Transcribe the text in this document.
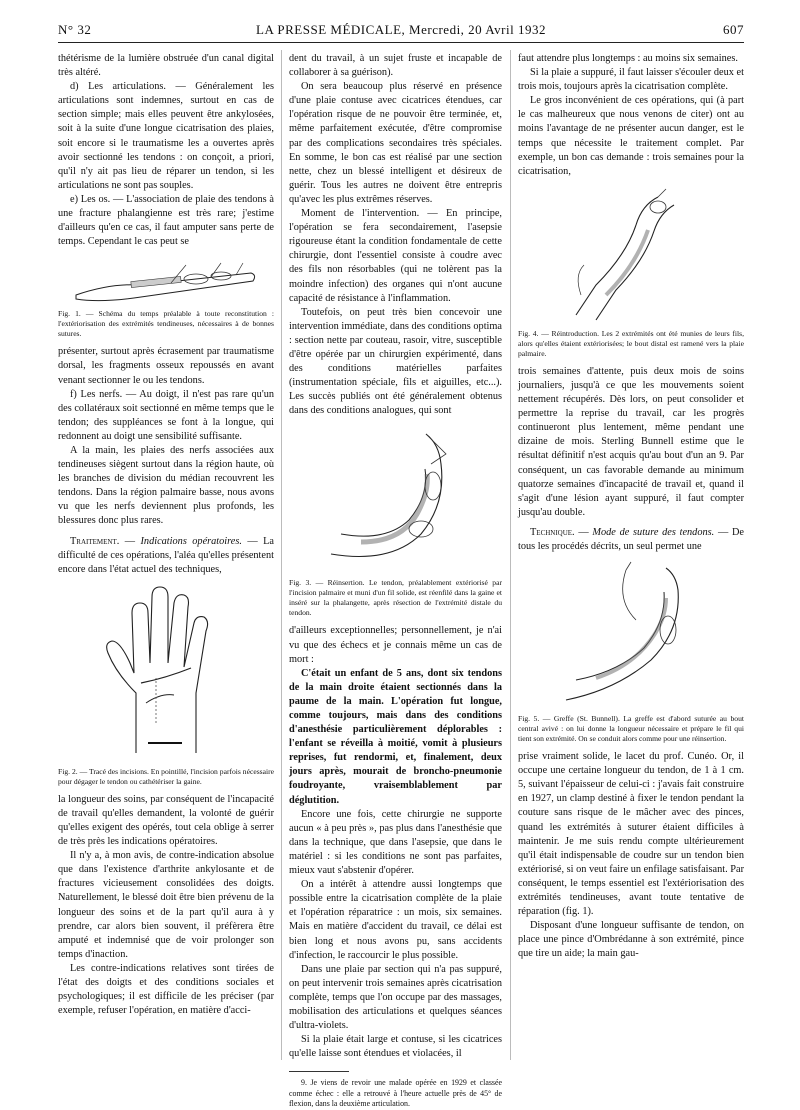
N° 32	LA PRESSE MÉDICALE, Mercredi, 20 Avril 1932	607

thétérisme de la lumière obstruée d'un canal digital très altéré.

d) Les articulations. — Généralement les articulations sont indemnes, surtout en cas de section simple; mais elles peuvent être ankylosées, soit à la suite d'une longue cicatrisation des plaies, soit encore si le traumatisme les a ouvertes après avoir sectionné les tendons : on conçoit, a priori, qu'il n'y ait pas lieu de réparer un tendon, si les articulations ne sont pas souples.

e) Les os. — L'association de plaie des tendons à une fracture phalangienne est très rare; j'estime d'ailleurs qu'en ce cas, il faut amputer sans perte de temps. Cependant le cas peut se

Fig. 1. — Schéma du temps préalable à toute reconstitution : l'extériorisation des extrémités tendineuses, nécessaires à de bonnes sutures.

présenter, surtout après écrasement par traumatisme dorsal, les fragments osseux repoussés en avant venant sectionner le ou les tendons.

f) Les nerfs. — Au doigt, il n'est pas rare qu'un des collatéraux soit sectionné en même temps que le tendon; des suppléances se font à la longue, qui redonnent au doigt une sensibilité suffisante.

A la main, les plaies des nerfs associées aux tendineuses siègent surtout dans la région haute, où les branches de division du médian recouvrent les tendons. Dans la région palmaire basse, nous avons vu que les nerfs deviennent plus profonds, les blessures donc plus rares.

Traitement. — Indications opératoires. — La difficulté de ces opérations, l'aléa qu'elles présentent encore dans l'état actuel des techniques,

Fig. 2. — Tracé des incisions. En pointillé, l'incision parfois nécessaire pour dégager le tendon ou cathétériser la gaine.

la longueur des soins, par conséquent de l'incapacité de travail qu'elles demandent, la volonté de guérir qu'elles exigent des opérés, tout cela oblige à serrer de très près les indications opératoires.

Il n'y a, à mon avis, de contre-indication absolue que dans l'existence d'arthrite ankylosante et de fractures vicieusement consolidées des doigts. Naturellement, le blessé doit être bien prévenu de la longueur des soins et de la part qu'il aura à y prendre, car alors bien souvent, il préfèrera être amputé et indemnisé que de voir prolonger son temps d'inaction.

Les contre-indications relatives sont tirées de l'état des doigts et des conditions sociales et psychologiques; il est difficile de les préciser (par exemple, refuser l'opération, en matière d'acci-

dent du travail, à un sujet fruste et incapable de collaborer à sa guérison).

On sera beaucoup plus réservé en présence d'une plaie contuse avec cicatrices étendues, car l'opération risque de ne pouvoir être terminée, et, même parfaitement exécutée, d'être compromise par des complications secondaires très spéciales. En somme, le bon cas est réalisé par une section nette, chez un blessé intelligent et désireux de guérir. Tous les autres ne doivent être entrepris qu'avec les plus extrêmes réserves.

Moment de l'intervention. — En principe, l'opération se fera secondairement, l'asepsie rigoureuse étant la condition fondamentale de cette chirurgie, dont l'essentiel consiste à coudre avec des fils non résorbables (qui ne tolèrent pas la moindre infection) des organes qui n'ont aucune capacité de résistance à l'inflammation.

Toutefois, on peut très bien concevoir une intervention immédiate, dans des conditions optima : section nette par couteau, rasoir, vitre, susceptible d'être opérée par un chirurgien expérimenté, dans des conditions matérielles parfaites (instrumentation spéciale, fils et aiguilles, etc...). Les succès publiés ont été généralement obtenus dans des conditions analogues, qui sont

Fig. 3. — Réinsertion. Le tendon, préalablement extériorisé par l'incision palmaire et muni d'un fil solide, est réenfilé dans la gaine et inséré sur la phalangette, après résection de l'extrémité distale du tendon.

d'ailleurs exceptionnelles; personnellement, je n'ai vu que des échecs et je connais même un cas de mort :

C'était un enfant de 5 ans, dont six tendons de la main droite étaient sectionnés dans la paume de la main. L'opération fut longue, comme toujours, mais dans des conditions d'anesthésie particulièrement déplorables : l'enfant se réveilla à moitié, vomit à plusieurs reprises, fut rendormi, et, finalement, deux jours après, mourait de broncho-pneumonie foudroyante, vraisemblablement par déglutition.

Encore une fois, cette chirurgie ne supporte aucun « à peu près », pas plus dans l'anesthésie que dans la technique, que dans l'asepsie, que dans le matériel : si les conditions ne sont pas parfaites, mieux vaut s'abstenir d'opérer.

On a intérêt à attendre aussi longtemps que possible entre la cicatrisation complète de la plaie et l'opération réparatrice : un mois, six semaines. Mais en matière d'accident du travail, ce délai est bien long et nous avons pu, sans accidents d'infection, le raccourcir le plus possible.

Dans une plaie par section qui n'a pas suppuré, on peut intervenir trois semaines après cicatrisation complète, temps que l'on occupe par des massages, mobilisation des articulations et quelques séances d'ultra-violets.

Si la plaie était large et contuse, si les cicatrices qu'elle laisse sont étendues et violacées, il

9. Je viens de revoir une malade opérée en 1929 et classée comme échec : elle a retrouvé à l'heure actuelle près de 45° de flexion, dans la deuxième articulation.

faut attendre plus longtemps : au moins six semaines.

Si la plaie a suppuré, il faut laisser s'écouler deux et trois mois, toujours après la cicatrisation complète.

Le gros inconvénient de ces opérations, qui (à part le cas malheureux que nous venons de citer) ont au moins l'avantage de ne présenter aucun danger, est le temps que nécessite le traitement complet. Par exemple, un bon cas demande : trois semaines pour la cicatrisation,

Fig. 4. — Réintroduction. Les 2 extrémités ont été munies de leurs fils, alors qu'elles étaient extériorisées; le bout distal est ramené vers la plaie palmaire.

trois semaines d'attente, puis deux mois de soins journaliers, jusqu'à ce que les mouvements soient nettement récupérés. Dès lors, on peut consolider et permettre la reprise du travail, car les progrès continueront plus lentement, même pendant une dizaine de mois. Sterling Bunnell estime que le résultat définitif n'est acquis qu'au bout d'un an 9. Par conséquent, un cas favorable demande au minimum quatorze semaines d'incapacité de travail et, quand il s'agit d'une lésion ayant suppuré, il faut compter jusqu'au double.

Technique. — Mode de suture des tendons. — De tous les procédés décrits, un seul permet une

Fig. 5. — Greffe (St. Bunnell). La greffe est d'abord suturée au bout central avivé : on lui donne la longueur nécessaire et prépare le fil qui tient son extrémité. On se conduit alors comme pour une réinsertion.

prise vraiment solide, le lacet du prof. Cunéo. Or, il occupe une certaine longueur du tendon, de 1 à 1 cm. 5, suivant l'épaisseur de celui-ci : j'avais fait construire en 1927, un clamp destiné à fixer le tendon pendant la couture sans risque de le mâcher avec des pinces, quand les extrémités à suturer étaient difficiles à maintenir. Je me suis rendu compte ultérieurement qu'il était indispensable de coudre sur un tendon bien extériorisé, si on veut faire un enfilage satisfaisant. Par conséquent, le temps essentiel est l'extériorisation des extrémités tendineuses, avant toute tentative de réparation (fig. 1).

Disposant d'une longueur suffisante de tendon, on place une pince d'Ombrédanne à son extrémité, pince que tire un aide; la main gau-
